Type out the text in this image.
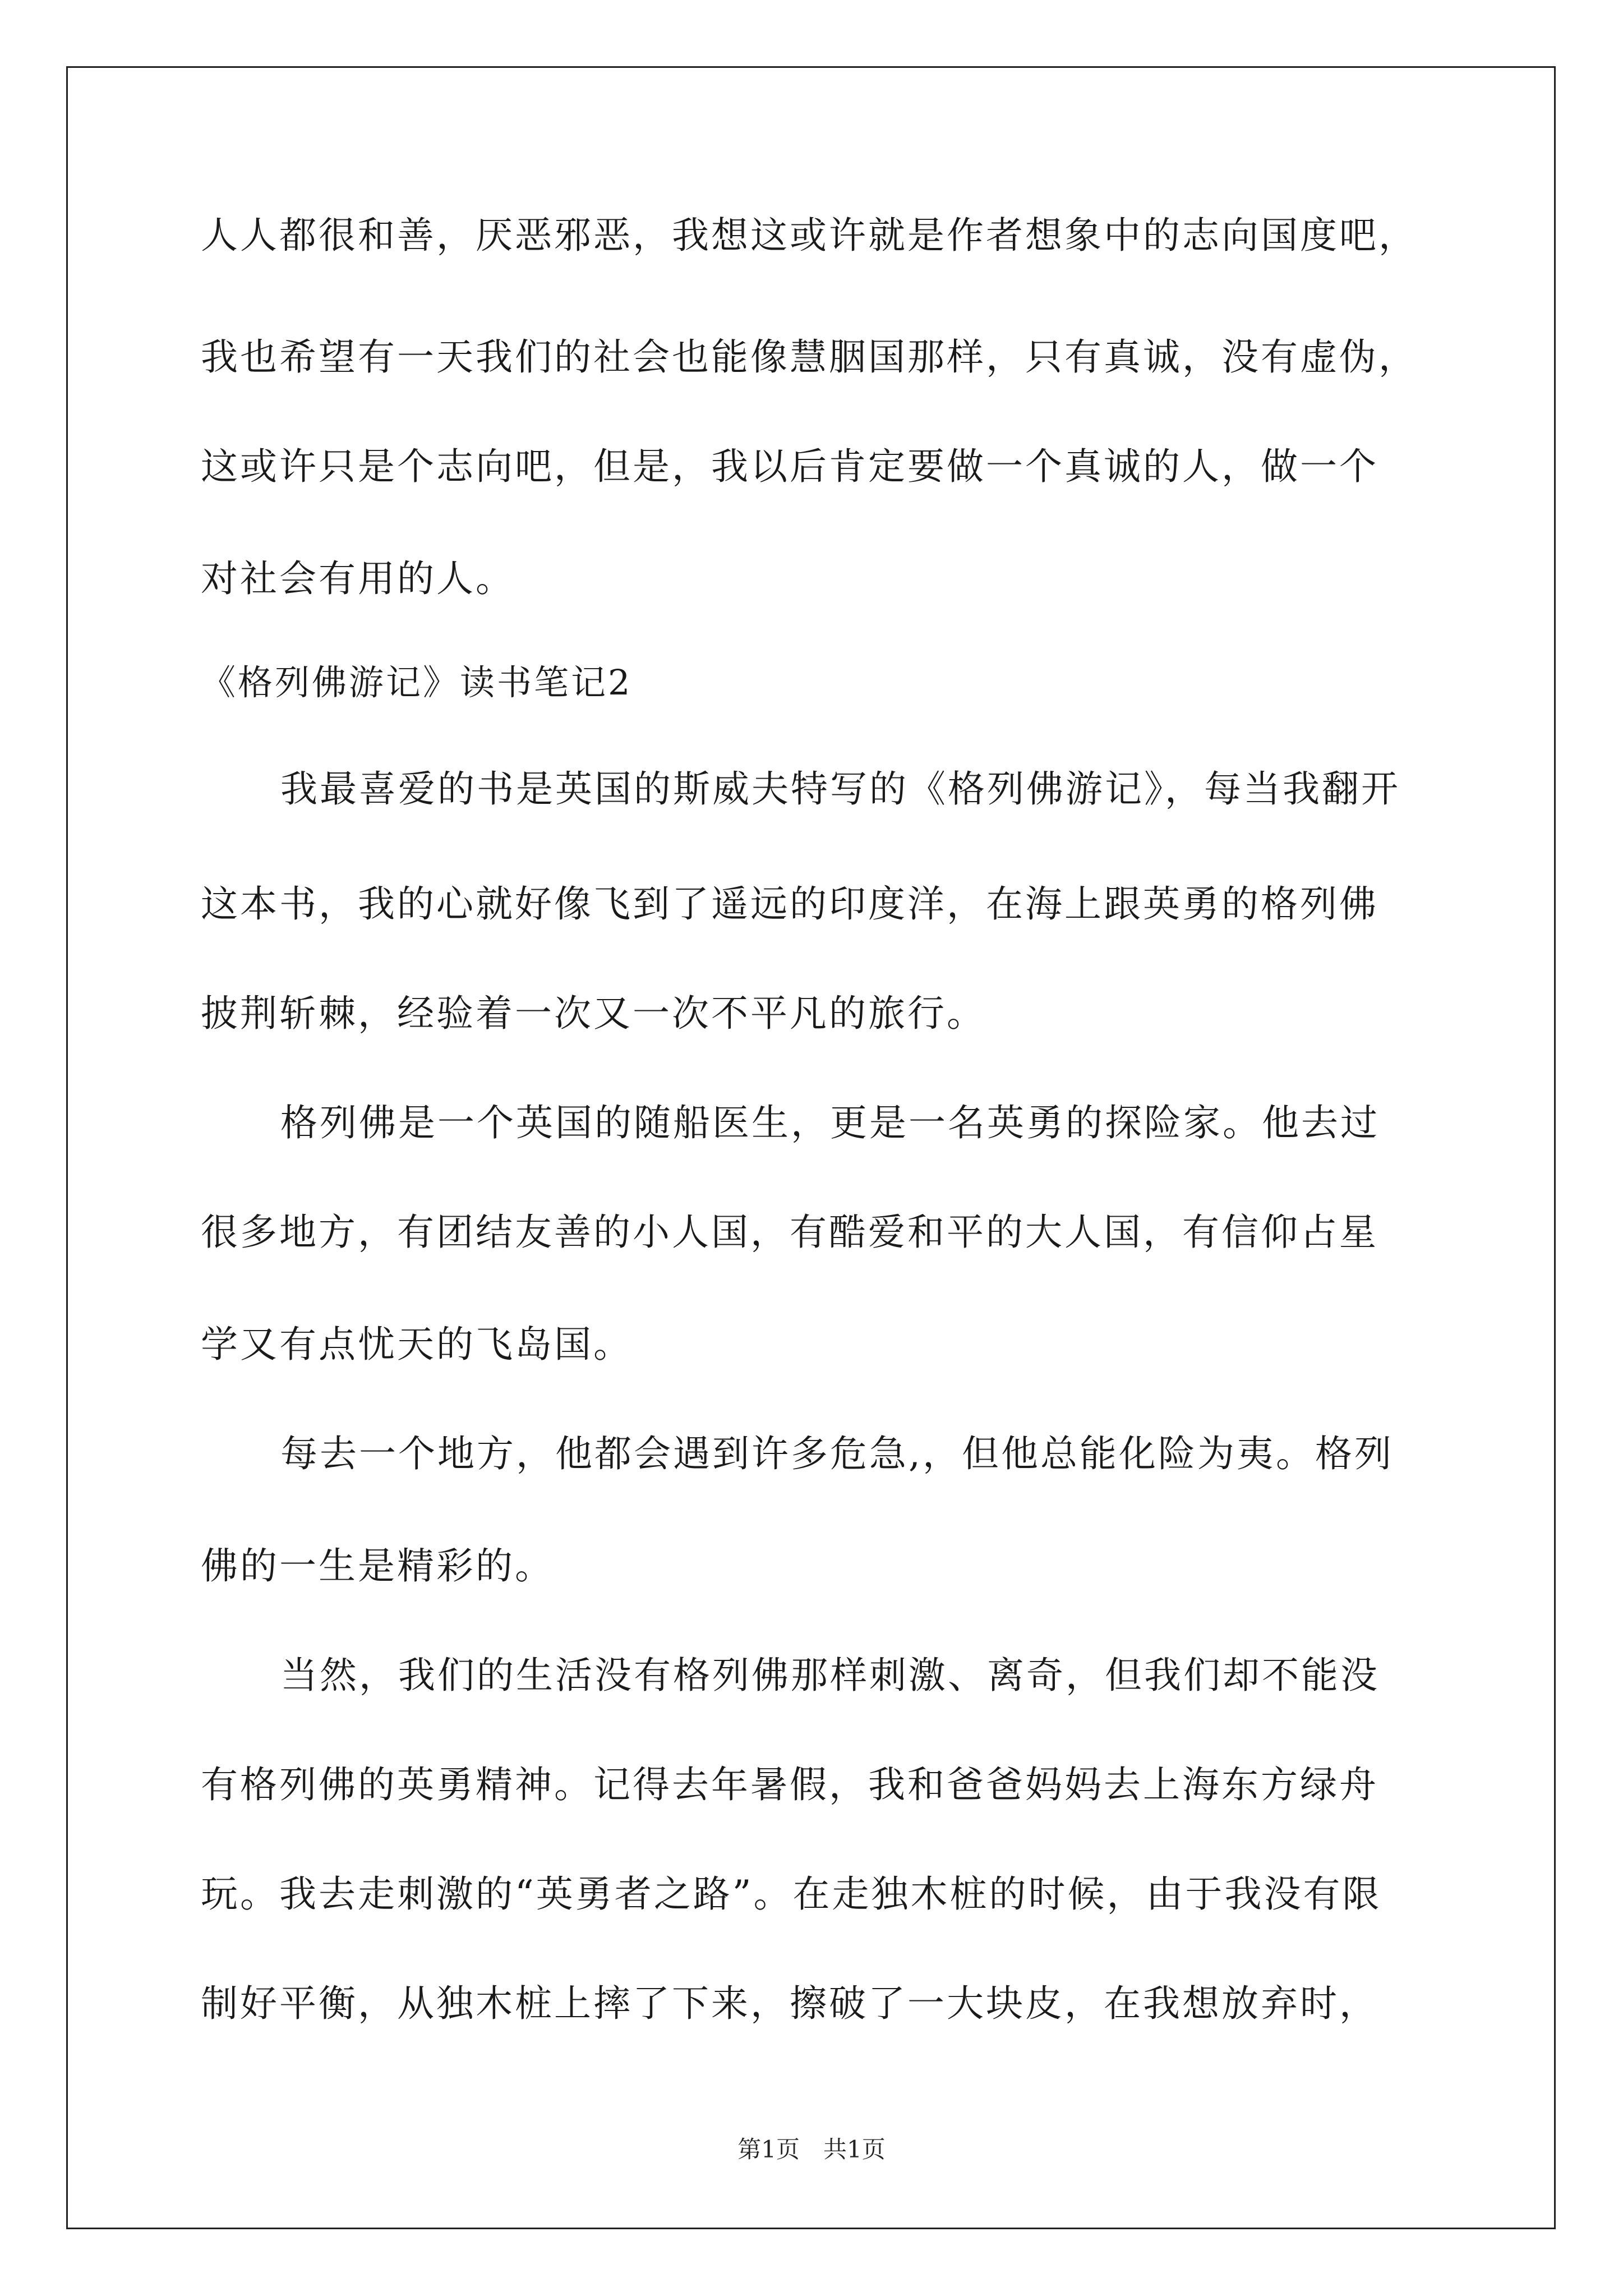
人人都很和善，厌恶邪恶，我想这或许就是作者想象中的志向国度吧，
我也希望有一天我们的社会也能像慧胭国那样，只有真诚，没有虚伪，
这或许只是个志向吧，但是，我以后肯定要做一个真诚的人，做一个
对社会有用的人。
《格列佛游记》读书笔记2
我最喜爱的书是英国的斯威夫特写的《格列佛游记》，每当我翻开
这本书，我的心就好像飞到了遥远的印度洋，在海上跟英勇的格列佛
披荆斩棘，经验着一次又一次不平凡的旅行。
格列佛是一个英国的随船医生，更是一名英勇的探险家。他去过
很多地方，有团结友善的小人国，有酷爱和平的大人国，有信仰占星
学又有点忧天的飞岛国。
每去一个地方，他都会遇到许多危急,，但他总能化险为夷。格列
佛的一生是精彩的。
当然，我们的生活没有格列佛那样刺激、离奇，但我们却不能没
有格列佛的英勇精神。记得去年暑假，我和爸爸妈妈去上海东方绿舟
玩。我去走刺激的“英勇者之路”。在走独木桩的时候，由于我没有限
制好平衡，从独木桩上摔了下来，擦破了一大块皮，在我想放弃时，
第1页　共1页
